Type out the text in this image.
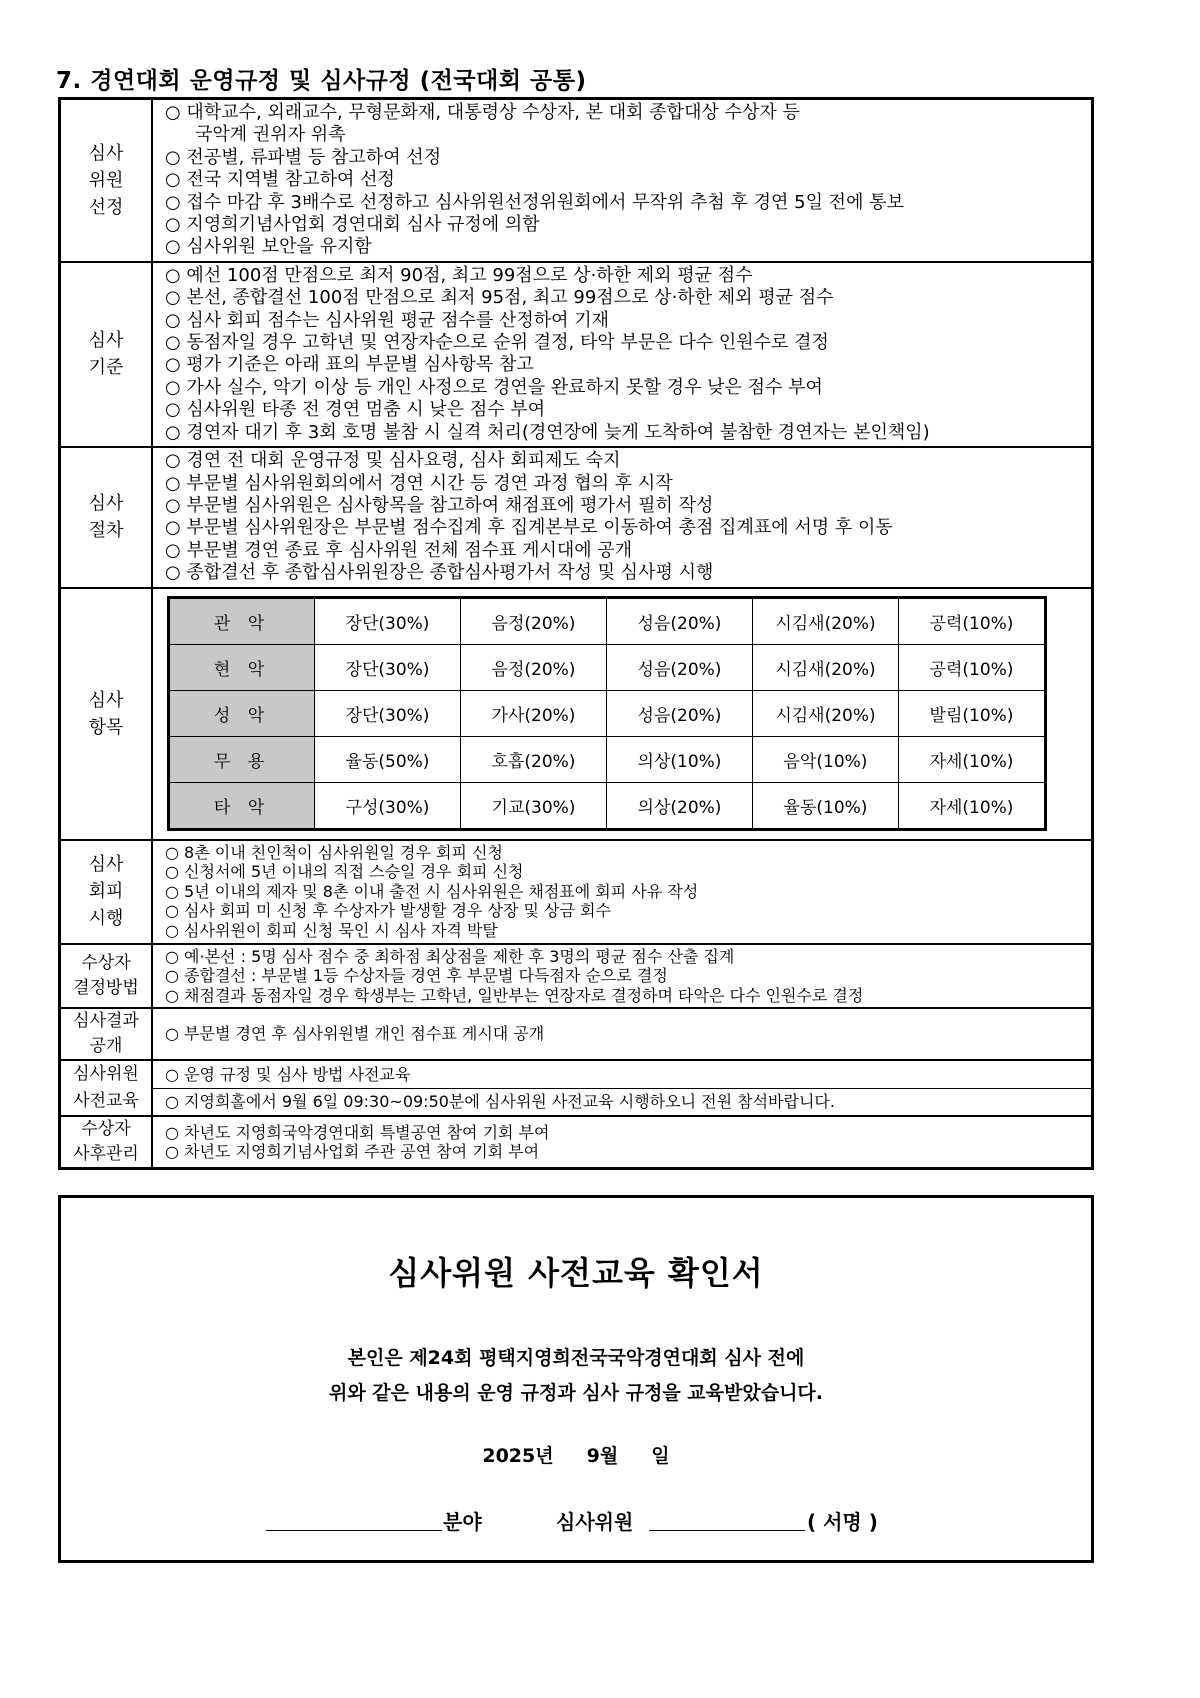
7. 경연대회 운영규정 및 심사규정 (전국대회 공통)
심사
위원
선정

○ 대학교수, 외래교수, 무형문화재, 대통령상 수상자, 본 대회 종합대상 수상자 등
국악계 권위자 위촉
○ 전공별, 류파별 등 참고하여 선정
○ 전국 지역별 참고하여 선정
○ 접수 마감 후 3배수로 선정하고 심사위원선정위원회에서 무작위 추첨 후 경연 5일 전에 통보
○ 지영희기념사업회 경연대회 심사 규정에 의함
○ 심사위원 보안을 유지함

심사
기준

○ 예선 100점 만점으로 최저 90점, 최고 99점으로 상·하한 제외 평균 점수
○ 본선, 종합결선 100점 만점으로 최저 95점, 최고 99점으로 상·하한 제외 평균 점수
○ 심사 회피 점수는 심사위원 평균 점수를 산정하여 기재
○ 동점자일 경우 고학년 및 연장자순으로 순위 결정, 타악 부문은 다수 인원수로 결정
○ 평가 기준은 아래 표의 부문별 심사항목 참고
○ 가사 실수, 악기 이상 등 개인 사정으로 경연을 완료하지 못할 경우 낮은 점수 부여
○ 심사위원 타종 전 경연 멈춤 시 낮은 점수 부여
○ 경연자 대기 후 3회 호명 불참 시 실격 처리(경연장에 늦게 도착하여 불참한 경연자는 본인책임)

심사
절차

○ 경연 전 대회 운영규정 및 심사요령, 심사 회피제도 숙지
○ 부문별 심사위원회의에서 경연 시간 등 경연 과정 협의 후 시작
○ 부문별 심사위원은 심사항목을 참고하여 채점표에 평가서 필히 작성
○ 부문별 심사위원장은 부문별 점수집계 후 집계본부로 이동하여 총점 집계표에 서명 후 이동
○ 부문별 경연 종료 후 심사위원 전체 점수표 게시대에 공개
○ 종합결선 후 종합심사위원장은 종합심사평가서 작성 및 심사평 시행

심사
항목

관 악	장단(30%)	음정(20%)	성음(20%)	시김새(20%)	공력(10%)
현 악	장단(30%)	음정(20%)	성음(20%)	시김새(20%)	공력(10%)
성 악	장단(30%)	가사(20%)	성음(20%)	시김새(20%)	발림(10%)
무 용	율동(50%)	호흡(20%)	의상(10%)	음악(10%)	자세(10%)
타 악	구성(30%)	기교(30%)	의상(20%)	율동(10%)	자세(10%)

심사
회피
시행

○ 8촌 이내 친인척이 심사위원일 경우 회피 신청
○ 신청서에 5년 이내의 직접 스승일 경우 회피 신청
○ 5년 이내의 제자 및 8촌 이내 출전 시 심사위원은 채점표에 회피 사유 작성
○ 심사 회피 미 신청 후 수상자가 발생할 경우 상장 및 상금 회수
○ 심사위원이 회피 신청 묵인 시 심사 자격 박탈

수상자
결정방법

○ 예·본선 : 5명 심사 점수 중 최하점 최상점을 제한 후 3명의 평균 점수 산출 집계
○ 종합결선 : 부문별 1등 수상자들 경연 후 부문별 다득점자 순으로 결정
○ 채점결과 동점자일 경우 학생부는 고학년, 일반부는 연장자로 결정하며 타악은 다수 인원수로 결정

심사결과
공개

○ 부문별 경연 후 심사위원별 개인 점수표 게시대 공개

심사위원
사전교육

○ 운영 규정 및 심사 방법 사전교육
○ 지영희홀에서 9월 6일 09:30~09:50분에 심사위원 사전교육 시행하오니 전원 참석바랍니다.

수상자
사후관리

○ 차년도 지영희국악경연대회 특별공연 참여 기회 부여
○ 차년도 지영희기념사업회 주관 공연 참여 기회 부여
심사위원 사전교육 확인서
본인은 제24회 평택지영희전국국악경연대회 심사 전에
위와 같은 내용의 운영 규정과 심사 규정을 교육받았습니다.
2025년     9월     일
분야	심사위원	( 서명 )
